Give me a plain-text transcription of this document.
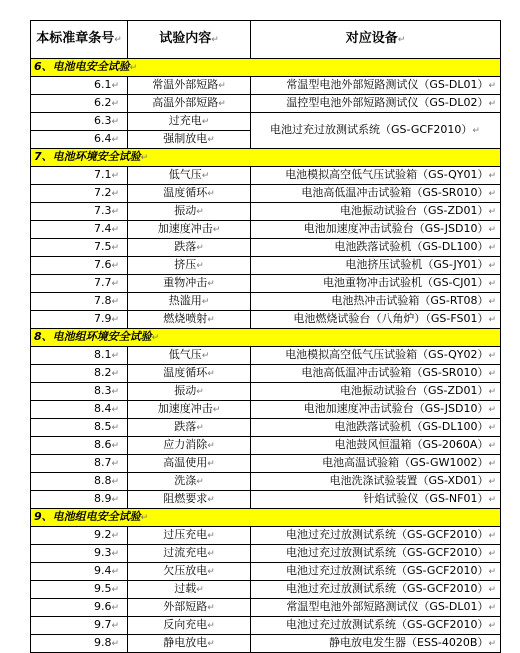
本标准章条号↵	试验内容↵	对应设备↵
6、电池电安全试验↵		
6.1↵	常温外部短路↵	常温型电池外部短路测试仪（GS-DL01）↵
6.2↵	高温外部短路↵	温控型电池外部短路测试仪（GS-DL02）↵
6.3↵	过充电↵	电池过充过放测试系统（GS-GCF2010）↵
6.4↵	强制放电↵	
7、电池环境安全试验↵		
7.1↵	低气压↵	电池模拟高空低气压试验箱（GS-QY01）↵
7.2↵	温度循环↵	电池高低温冲击试验箱（GS-SR010）↵
7.3↵	振动↵	电池振动试验台（GS-ZD01）↵
7.4↵	加速度冲击↵	电池加速度冲击试验台（GS-JSD10）↵
7.5↵	跌落↵	电池跌落试验机（GS-DL100）↵
7.6↵	挤压↵	电池挤压试验机（GS-JY01）↵
7.7↵	重物冲击↵	电池重物冲击试验机（GS-CJ01）↵
7.8↵	热滥用↵	电池热冲击试验箱（GS-RT08）↵
7.9↵	燃烧喷射↵	电池燃烧试验台（八角炉）（GS-FS01）↵
8、电池组环境安全试验↵		
8.1↵	低气压↵	电池模拟高空低气压试验箱（GS-QY02）↵
8.2↵	温度循环↵	电池高低温冲击试验箱（GS-SR010）↵
8.3↵	振动↵	电池振动试验台（GS-ZD01）↵
8.4↵	加速度冲击↵	电池加速度冲击试验台（GS-JSD10）↵
8.5↵	跌落↵	电池跌落试验机（GS-DL100）↵
8.6↵	应力消除↵	电池鼓风恒温箱（GS-2060A）↵
8.7↵	高温使用↵	电池高温试验箱（GS-GW1002）↵
8.8↵	洗涤↵	电池洗涤试验装置（GS-XD01）↵
8.9↵	阻燃要求↵	针焰试验仪（GS-NF01）↵
9、电池组电安全试验↵		
9.2↵	过压充电↵	电池过充过放测试系统（GS-GCF2010）↵
9.3↵	过流充电↵	电池过充过放测试系统（GS-GCF2010）↵
9.4↵	欠压放电↵	电池过充过放测试系统（GS-GCF2010）↵
9.5↵	过载↵	电池过充过放测试系统（GS-GCF2010）↵
9.6↵	外部短路↵	常温型电池外部短路测试仪（GS-DL01）↵
9.7↵	反向充电↵	电池过充过放测试系统（GS-GCF2010）↵
9.8↵	静电放电↵	静电放电发生器（ESS-4020B）↵
